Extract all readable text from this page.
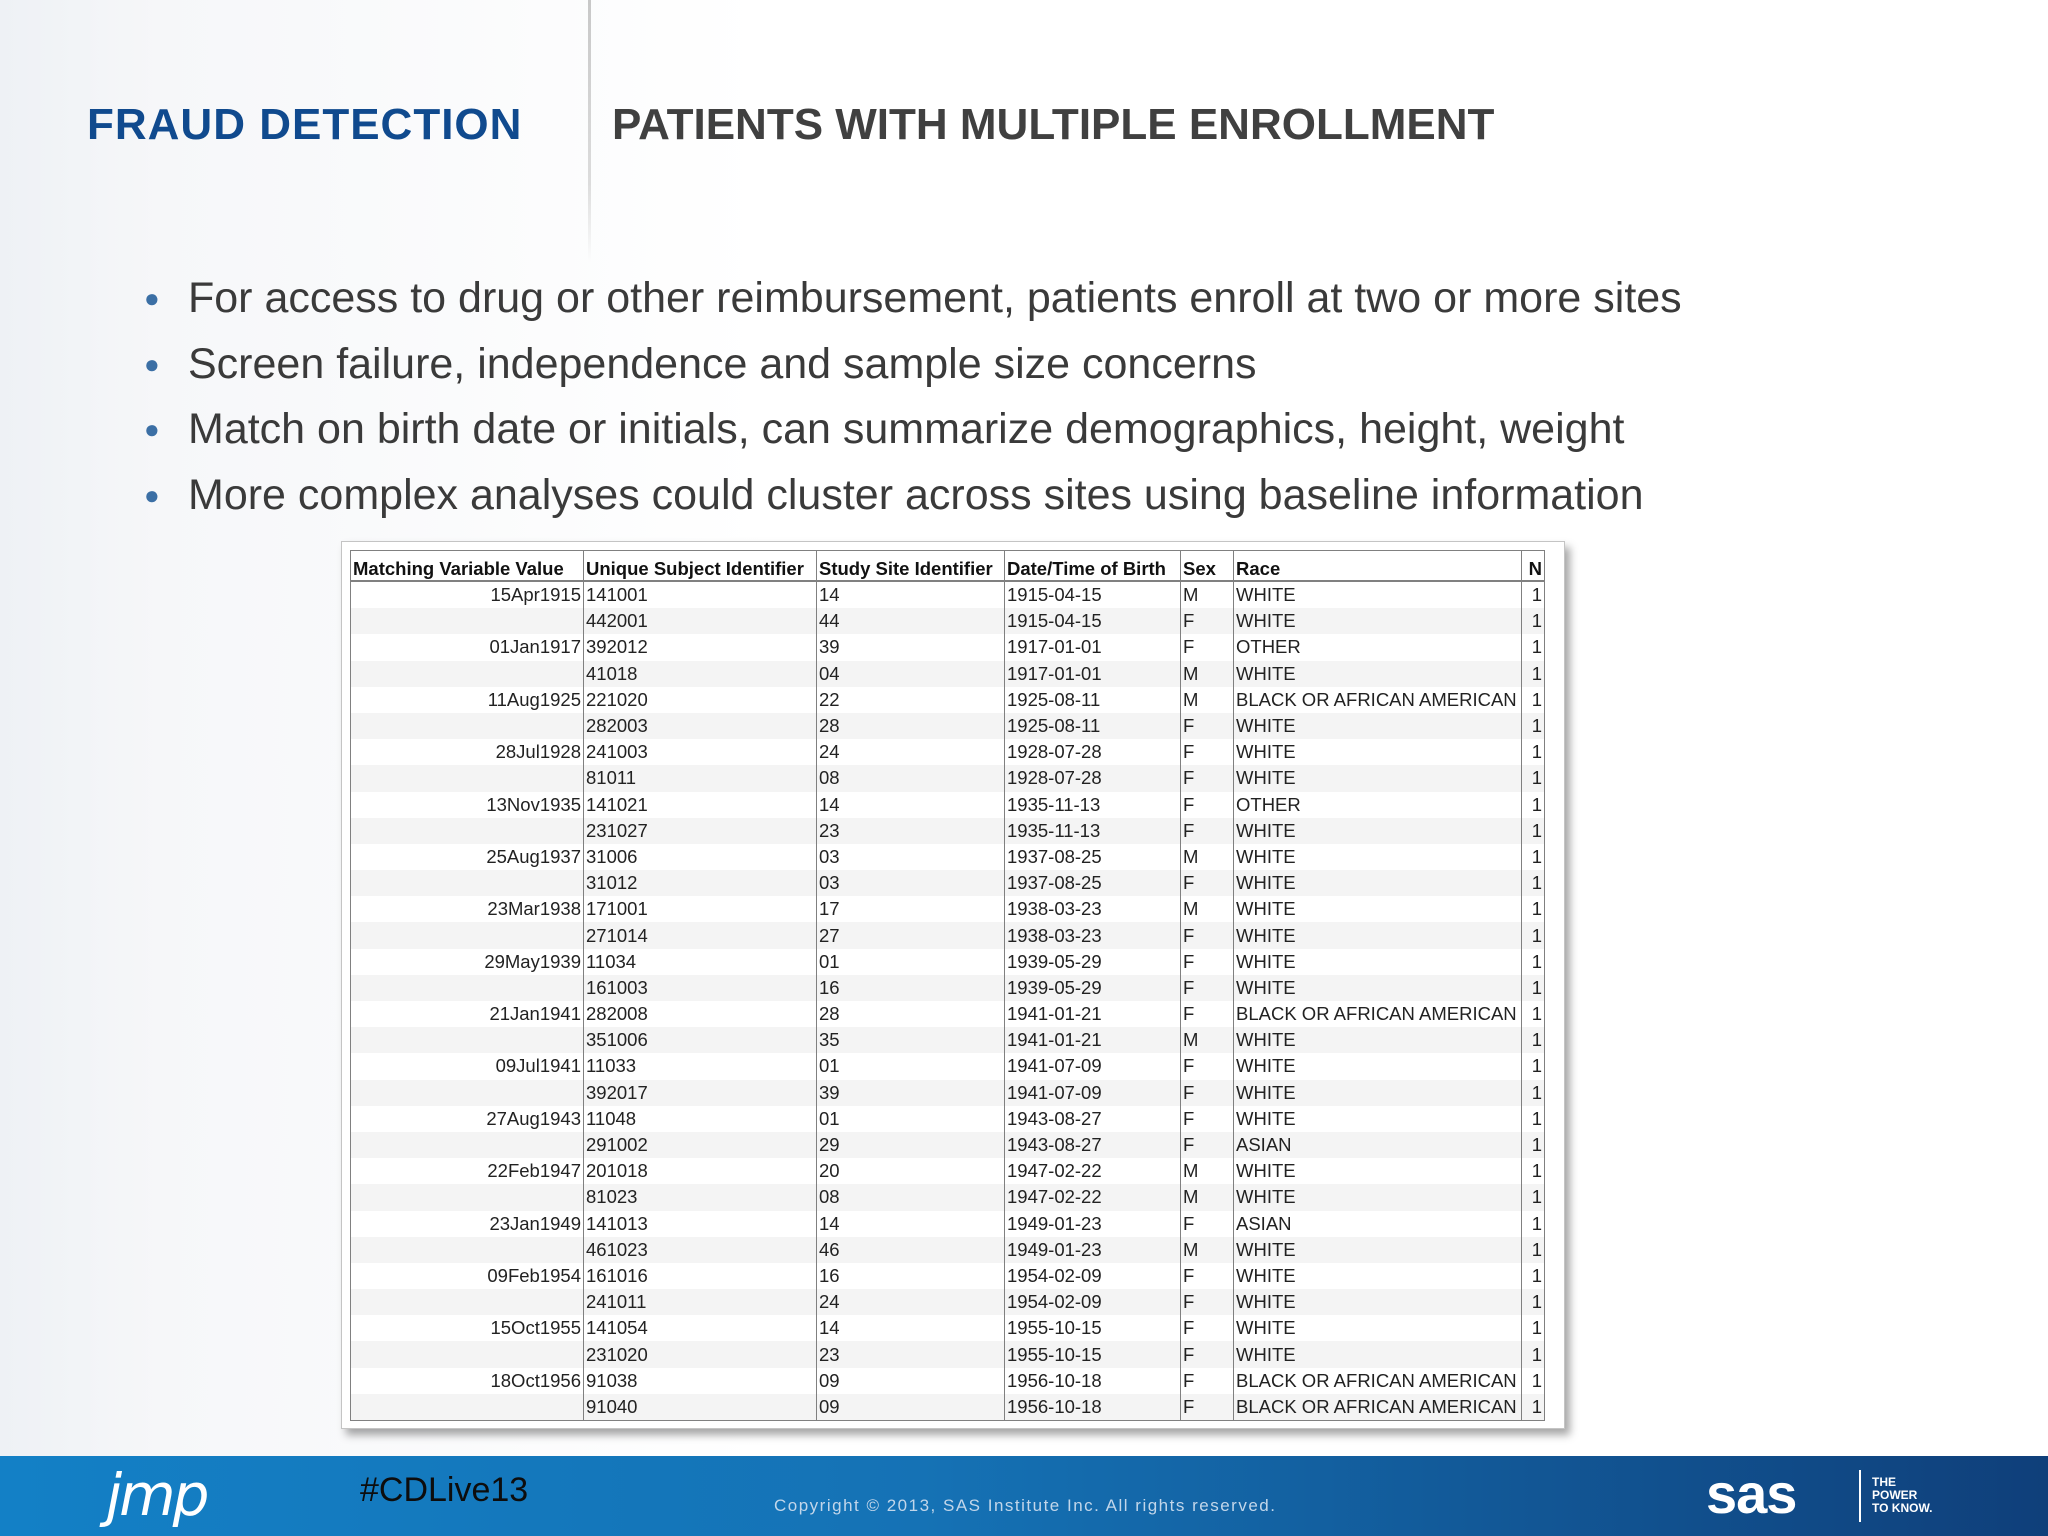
FRAUD DETECTION PATIENTS WITH MULTIPLE ENROLLMENT
● For access to drug or other reimbursement, patients enroll at two or more sites
● Screen failure, independence and sample size concerns
● Match on birth date or initials, can summarize demographics, height, weight
● More complex analyses could cluster across sites using baseline information
Matching Variable Value	Unique Subject Identifier	Study Site Identifier	Date/Time of Birth	Sex	Race	N
15Apr1915	141001	14	1915-04-15	M	WHITE	1
	442001	44	1915-04-15	F	WHITE	1
01Jan1917	392012	39	1917-01-01	F	OTHER	1
	41018	04	1917-01-01	M	WHITE	1
11Aug1925	221020	22	1925-08-11	M	BLACK OR AFRICAN AMERICAN	1
	282003	28	1925-08-11	F	WHITE	1
28Jul1928	241003	24	1928-07-28	F	WHITE	1
	81011	08	1928-07-28	F	WHITE	1
13Nov1935	141021	14	1935-11-13	F	OTHER	1
	231027	23	1935-11-13	F	WHITE	1
25Aug1937	31006	03	1937-08-25	M	WHITE	1
	31012	03	1937-08-25	F	WHITE	1
23Mar1938	171001	17	1938-03-23	M	WHITE	1
	271014	27	1938-03-23	F	WHITE	1
29May1939	11034	01	1939-05-29	F	WHITE	1
	161003	16	1939-05-29	F	WHITE	1
21Jan1941	282008	28	1941-01-21	F	BLACK OR AFRICAN AMERICAN	1
	351006	35	1941-01-21	M	WHITE	1
09Jul1941	11033	01	1941-07-09	F	WHITE	1
	392017	39	1941-07-09	F	WHITE	1
27Aug1943	11048	01	1943-08-27	F	WHITE	1
	291002	29	1943-08-27	F	ASIAN	1
22Feb1947	201018	20	1947-02-22	M	WHITE	1
	81023	08	1947-02-22	M	WHITE	1
23Jan1949	141013	14	1949-01-23	F	ASIAN	1
	461023	46	1949-01-23	M	WHITE	1
09Feb1954	161016	16	1954-02-09	F	WHITE	1
	241011	24	1954-02-09	F	WHITE	1
15Oct1955	141054	14	1955-10-15	F	WHITE	1
	231020	23	1955-10-15	F	WHITE	1
18Oct1956	91038	09	1956-10-18	F	BLACK OR AFRICAN AMERICAN	1
	91040	09	1956-10-18	F	BLACK OR AFRICAN AMERICAN	1
jmp	#CDLive13	Copyright © 2013, SAS Institute Inc. All rights reserved.	sas	THE
POWER
TO KNOW.
